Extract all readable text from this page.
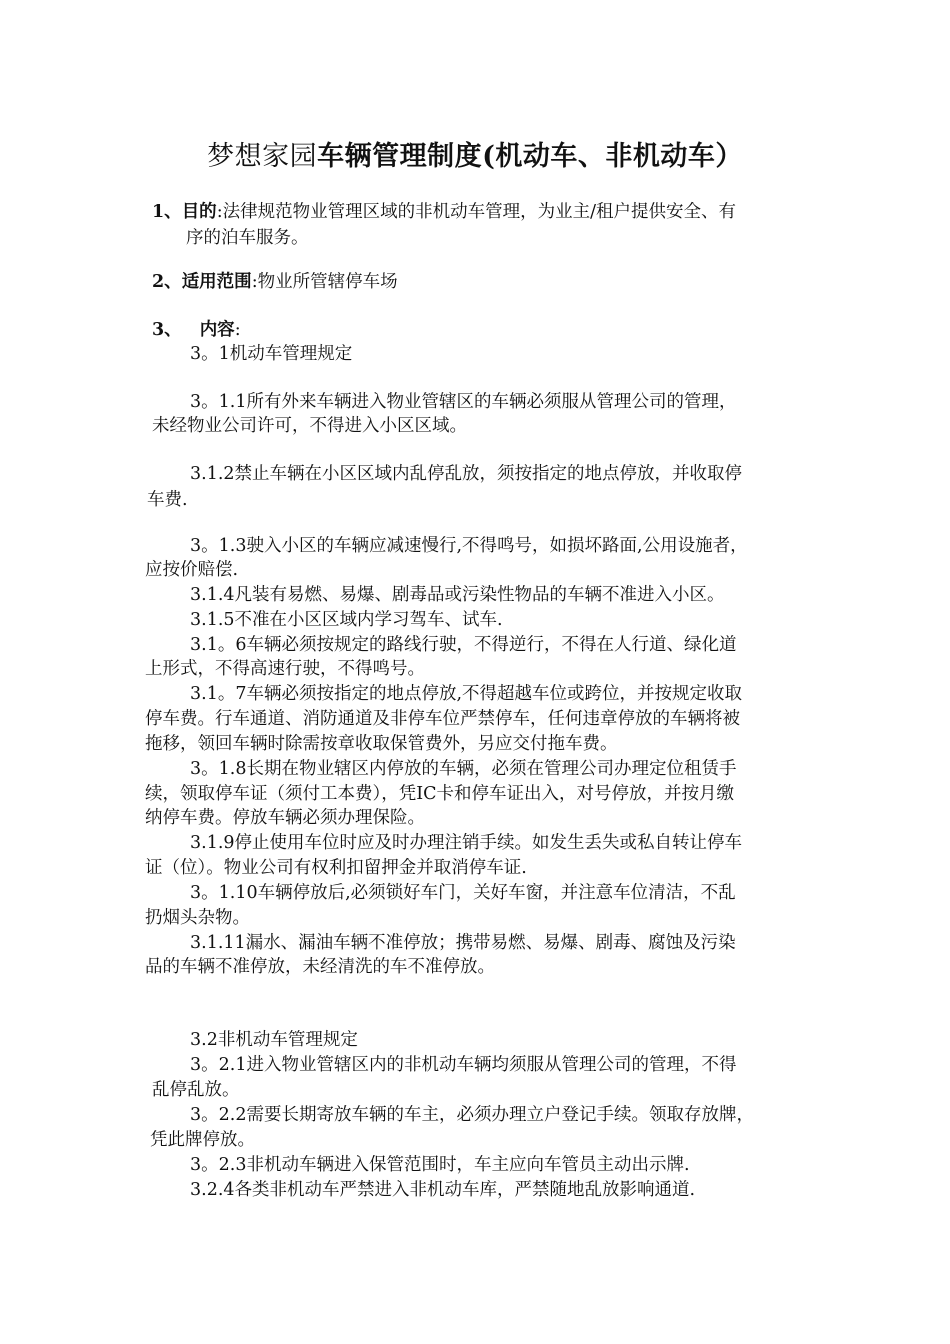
梦想家园车辆管理制度(机动车、非机动车）
1、目的:法律规范物业管理区域的非机动车管理，为业主/租户提供安全、有
序的泊车服务。
2、适用范围:物业所管辖停车场
3、 内容:
3。1机动车管理规定
3。1.1所有外来车辆进入物业管辖区的车辆必须服从管理公司的管理，
未经物业公司许可，不得进入小区区域。
3.1.2禁止车辆在小区区域内乱停乱放，须按指定的地点停放，并收取停
车费.
3。1.3驶入小区的车辆应减速慢行,不得鸣号，如损坏路面,公用设施者，
应按价赔偿.
3.1.4凡装有易燃、易爆、剧毒品或污染性物品的车辆不准进入小区。
3.1.5不准在小区区域内学习驾车、试车.
3.1。6车辆必须按规定的路线行驶，不得逆行，不得在人行道、绿化道
上形式，不得高速行驶，不得鸣号。
3.1。7车辆必须按指定的地点停放,不得超越车位或跨位，并按规定收取
停车费。行车通道、消防通道及非停车位严禁停车，任何违章停放的车辆将被
拖移，领回车辆时除需按章收取保管费外，另应交付拖车费。
3。1.8长期在物业辖区内停放的车辆，必须在管理公司办理定位租赁手
续，领取停车证（须付工本费），凭IC卡和停车证出入，对号停放，并按月缴
纳停车费。停放车辆必须办理保险。
3.1.9停止使用车位时应及时办理注销手续。如发生丢失或私自转让停车
证（位）。物业公司有权利扣留押金并取消停车证.
3。1.10车辆停放后,必须锁好车门，关好车窗，并注意车位清洁，不乱
扔烟头杂物。
3.1.11漏水、漏油车辆不准停放；携带易燃、易爆、剧毒、腐蚀及污染
品的车辆不准停放，未经清洗的车不准停放。
3.2非机动车管理规定
3。2.1进入物业管辖区内的非机动车辆均须服从管理公司的管理，不得
乱停乱放。
3。2.2需要长期寄放车辆的车主，必须办理立户登记手续。领取存放牌，
凭此牌停放。
3。2.3非机动车辆进入保管范围时，车主应向车管员主动出示牌.
3.2.4各类非机动车严禁进入非机动车库，严禁随地乱放影响通道.
